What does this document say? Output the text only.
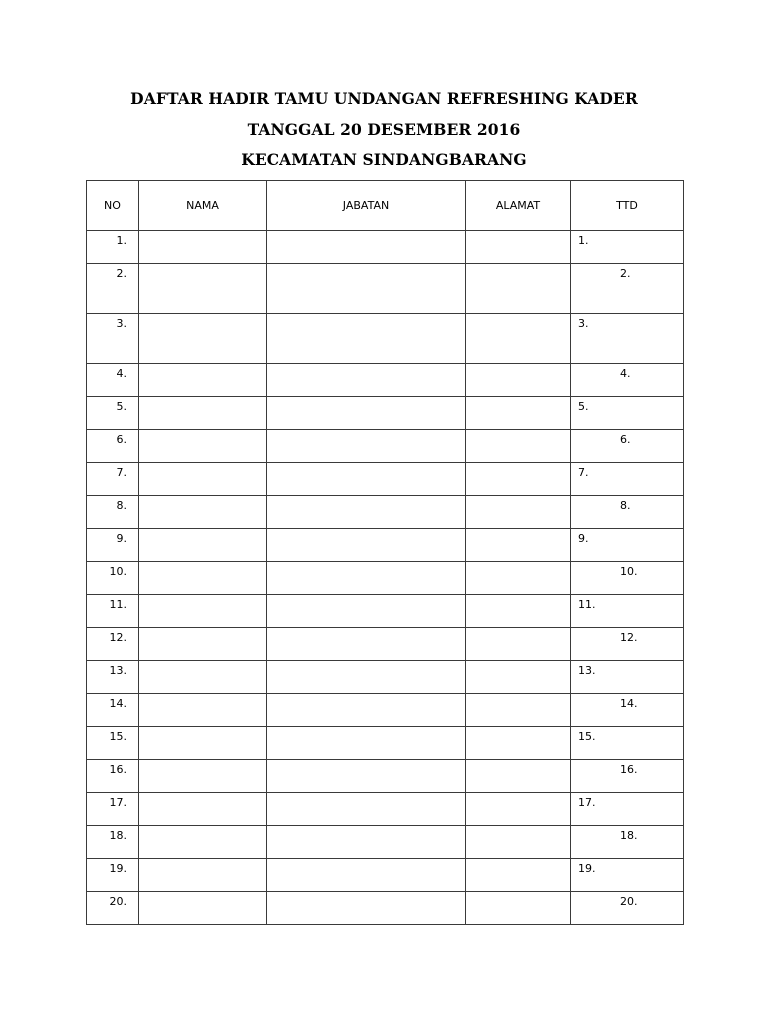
DAFTAR HADIR TAMU UNDANGAN REFRESHING KADER
TANGGAL 20 DESEMBER 2016
KECAMATAN SINDANGBARANG
NO	NAMA	JABATAN	ALAMAT	TTD
1.				1.
2.				2.
3.				3.
4.				4.
5.				5.
6.				6.
7.				7.
8.				8.
9.				9.
10.				10.
11.				11.
12.				12.
13.				13.
14.				14.
15.				15.
16.				16.
17.				17.
18.				18.
19.				19.
20.				20.
